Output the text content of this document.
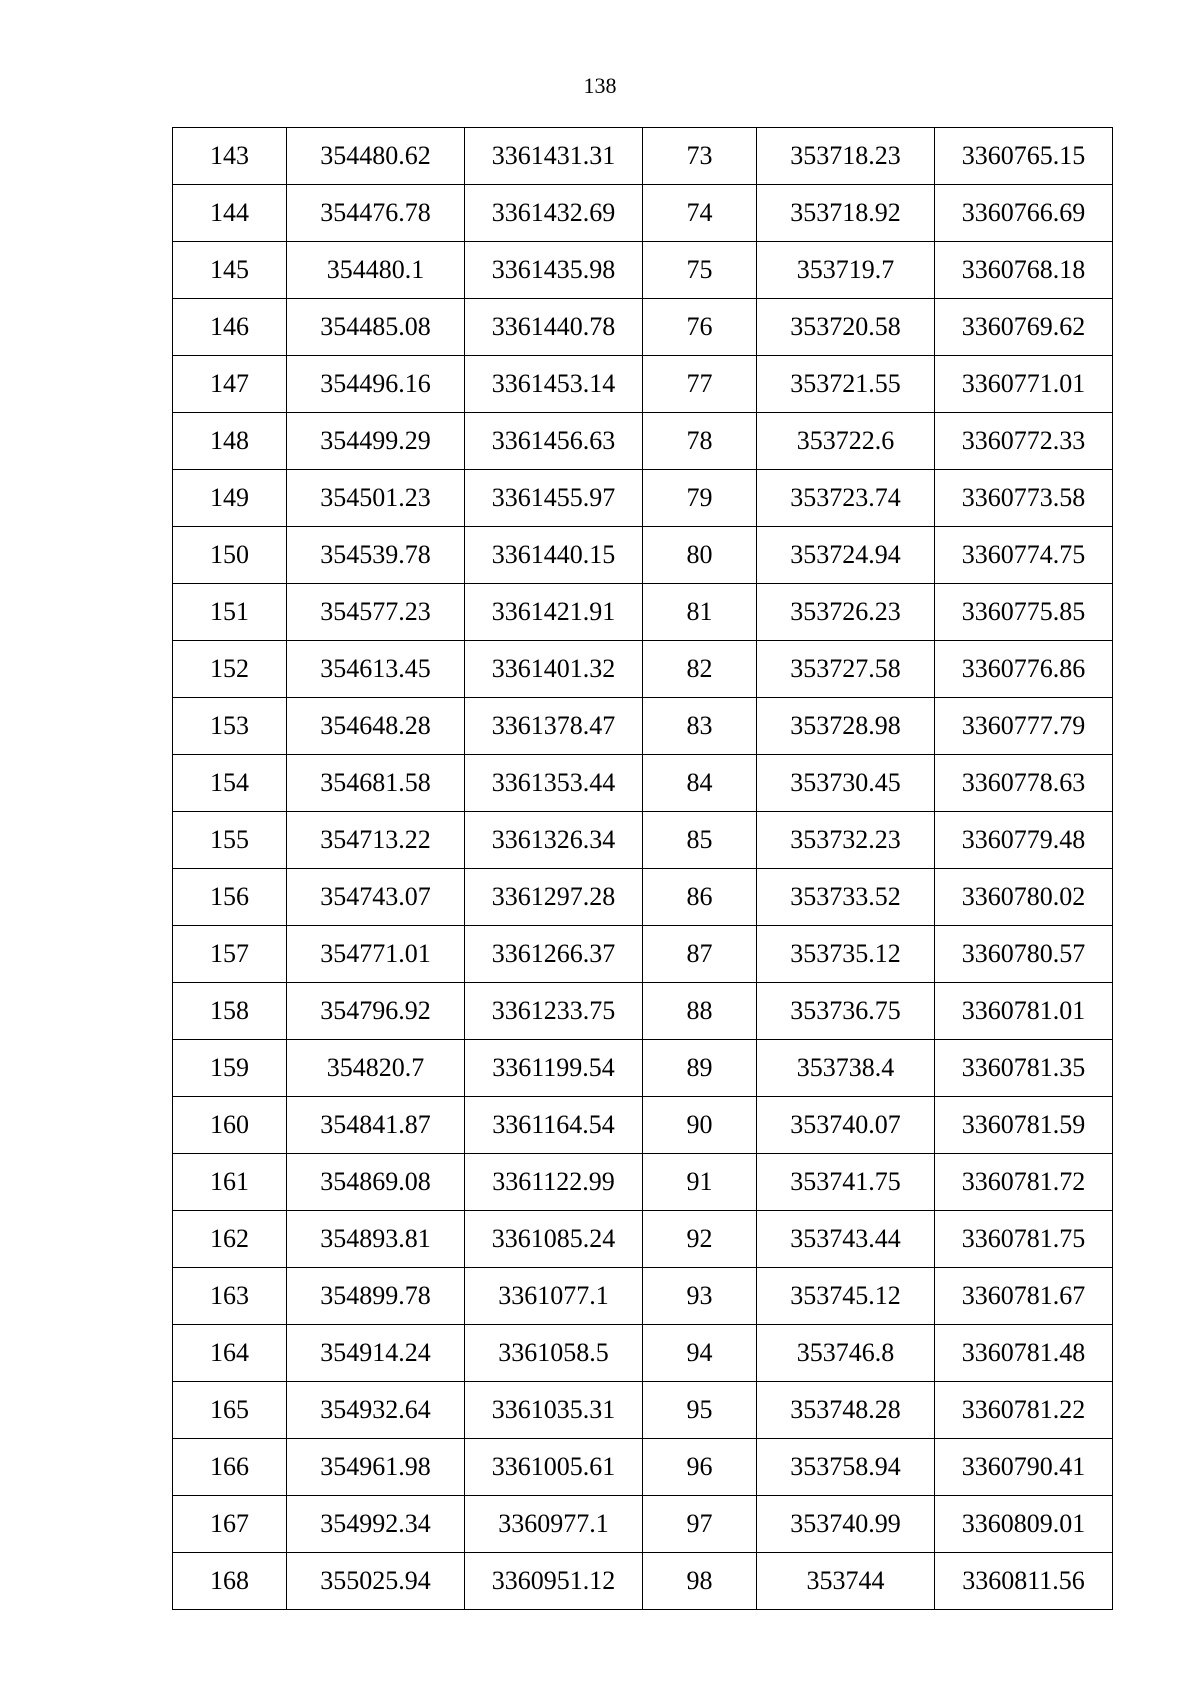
138
143	354480.62	3361431.31	73	353718.23	3360765.15
144	354476.78	3361432.69	74	353718.92	3360766.69
145	354480.1	3361435.98	75	353719.7	3360768.18
146	354485.08	3361440.78	76	353720.58	3360769.62
147	354496.16	3361453.14	77	353721.55	3360771.01
148	354499.29	3361456.63	78	353722.6	3360772.33
149	354501.23	3361455.97	79	353723.74	3360773.58
150	354539.78	3361440.15	80	353724.94	3360774.75
151	354577.23	3361421.91	81	353726.23	3360775.85
152	354613.45	3361401.32	82	353727.58	3360776.86
153	354648.28	3361378.47	83	353728.98	3360777.79
154	354681.58	3361353.44	84	353730.45	3360778.63
155	354713.22	3361326.34	85	353732.23	3360779.48
156	354743.07	3361297.28	86	353733.52	3360780.02
157	354771.01	3361266.37	87	353735.12	3360780.57
158	354796.92	3361233.75	88	353736.75	3360781.01
159	354820.7	3361199.54	89	353738.4	3360781.35
160	354841.87	3361164.54	90	353740.07	3360781.59
161	354869.08	3361122.99	91	353741.75	3360781.72
162	354893.81	3361085.24	92	353743.44	3360781.75
163	354899.78	3361077.1	93	353745.12	3360781.67
164	354914.24	3361058.5	94	353746.8	3360781.48
165	354932.64	3361035.31	95	353748.28	3360781.22
166	354961.98	3361005.61	96	353758.94	3360790.41
167	354992.34	3360977.1	97	353740.99	3360809.01
168	355025.94	3360951.12	98	353744	3360811.56
